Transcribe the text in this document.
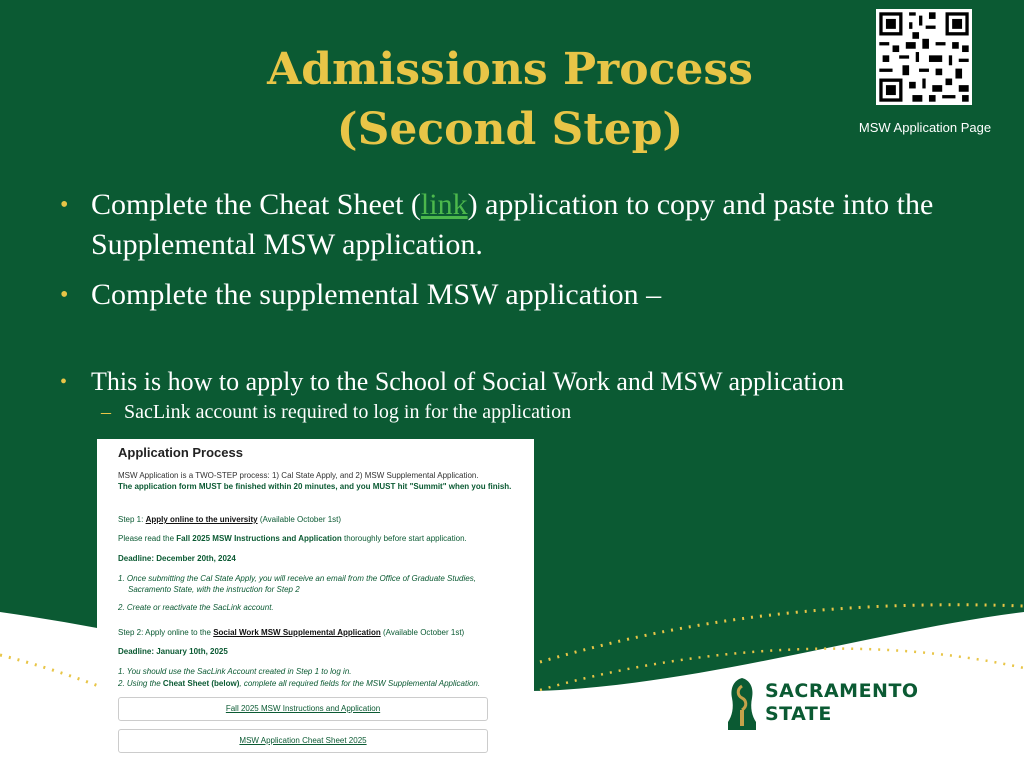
Admissions Process
(Second Step)	MSW Application Page

• Complete the Cheat Sheet (link) application to copy and paste into the Supplemental MSW application.

• Complete the supplemental MSW application –

• This is how to apply to the School of Social Work and MSW application

– SacLink account is required to log in for the application
Application Process
MSW Application is a TWO-STEP process: 1) Cal State Apply, and 2) MSW Supplemental Application.
The application form MUST be finished within 20 minutes, and you MUST hit "Summit" when you finish.
Step 1: Apply online to the university (Available October 1st)
Please read the Fall 2025 MSW Instructions and Application thoroughly before start application.
Deadline: December 20th, 2024
1. Once submitting the Cal State Apply, you will receive an email from the Office of Graduate Studies,
Sacramento State, with the instruction for Step 2
2. Create or reactivate the SacLink account.
Step 2: Apply online to the Social Work MSW Supplemental Application (Available October 1st)
Deadline: January 10th, 2025
1. You should use the SacLink Account created in Step 1 to log in.
2. Using the Cheat Sheet (below), complete all required fields for the MSW Supplemental Application.
Fall 2025 MSW Instructions and Application
MSW Application Cheat Sheet 2025
SACRAMENTO
STATE
